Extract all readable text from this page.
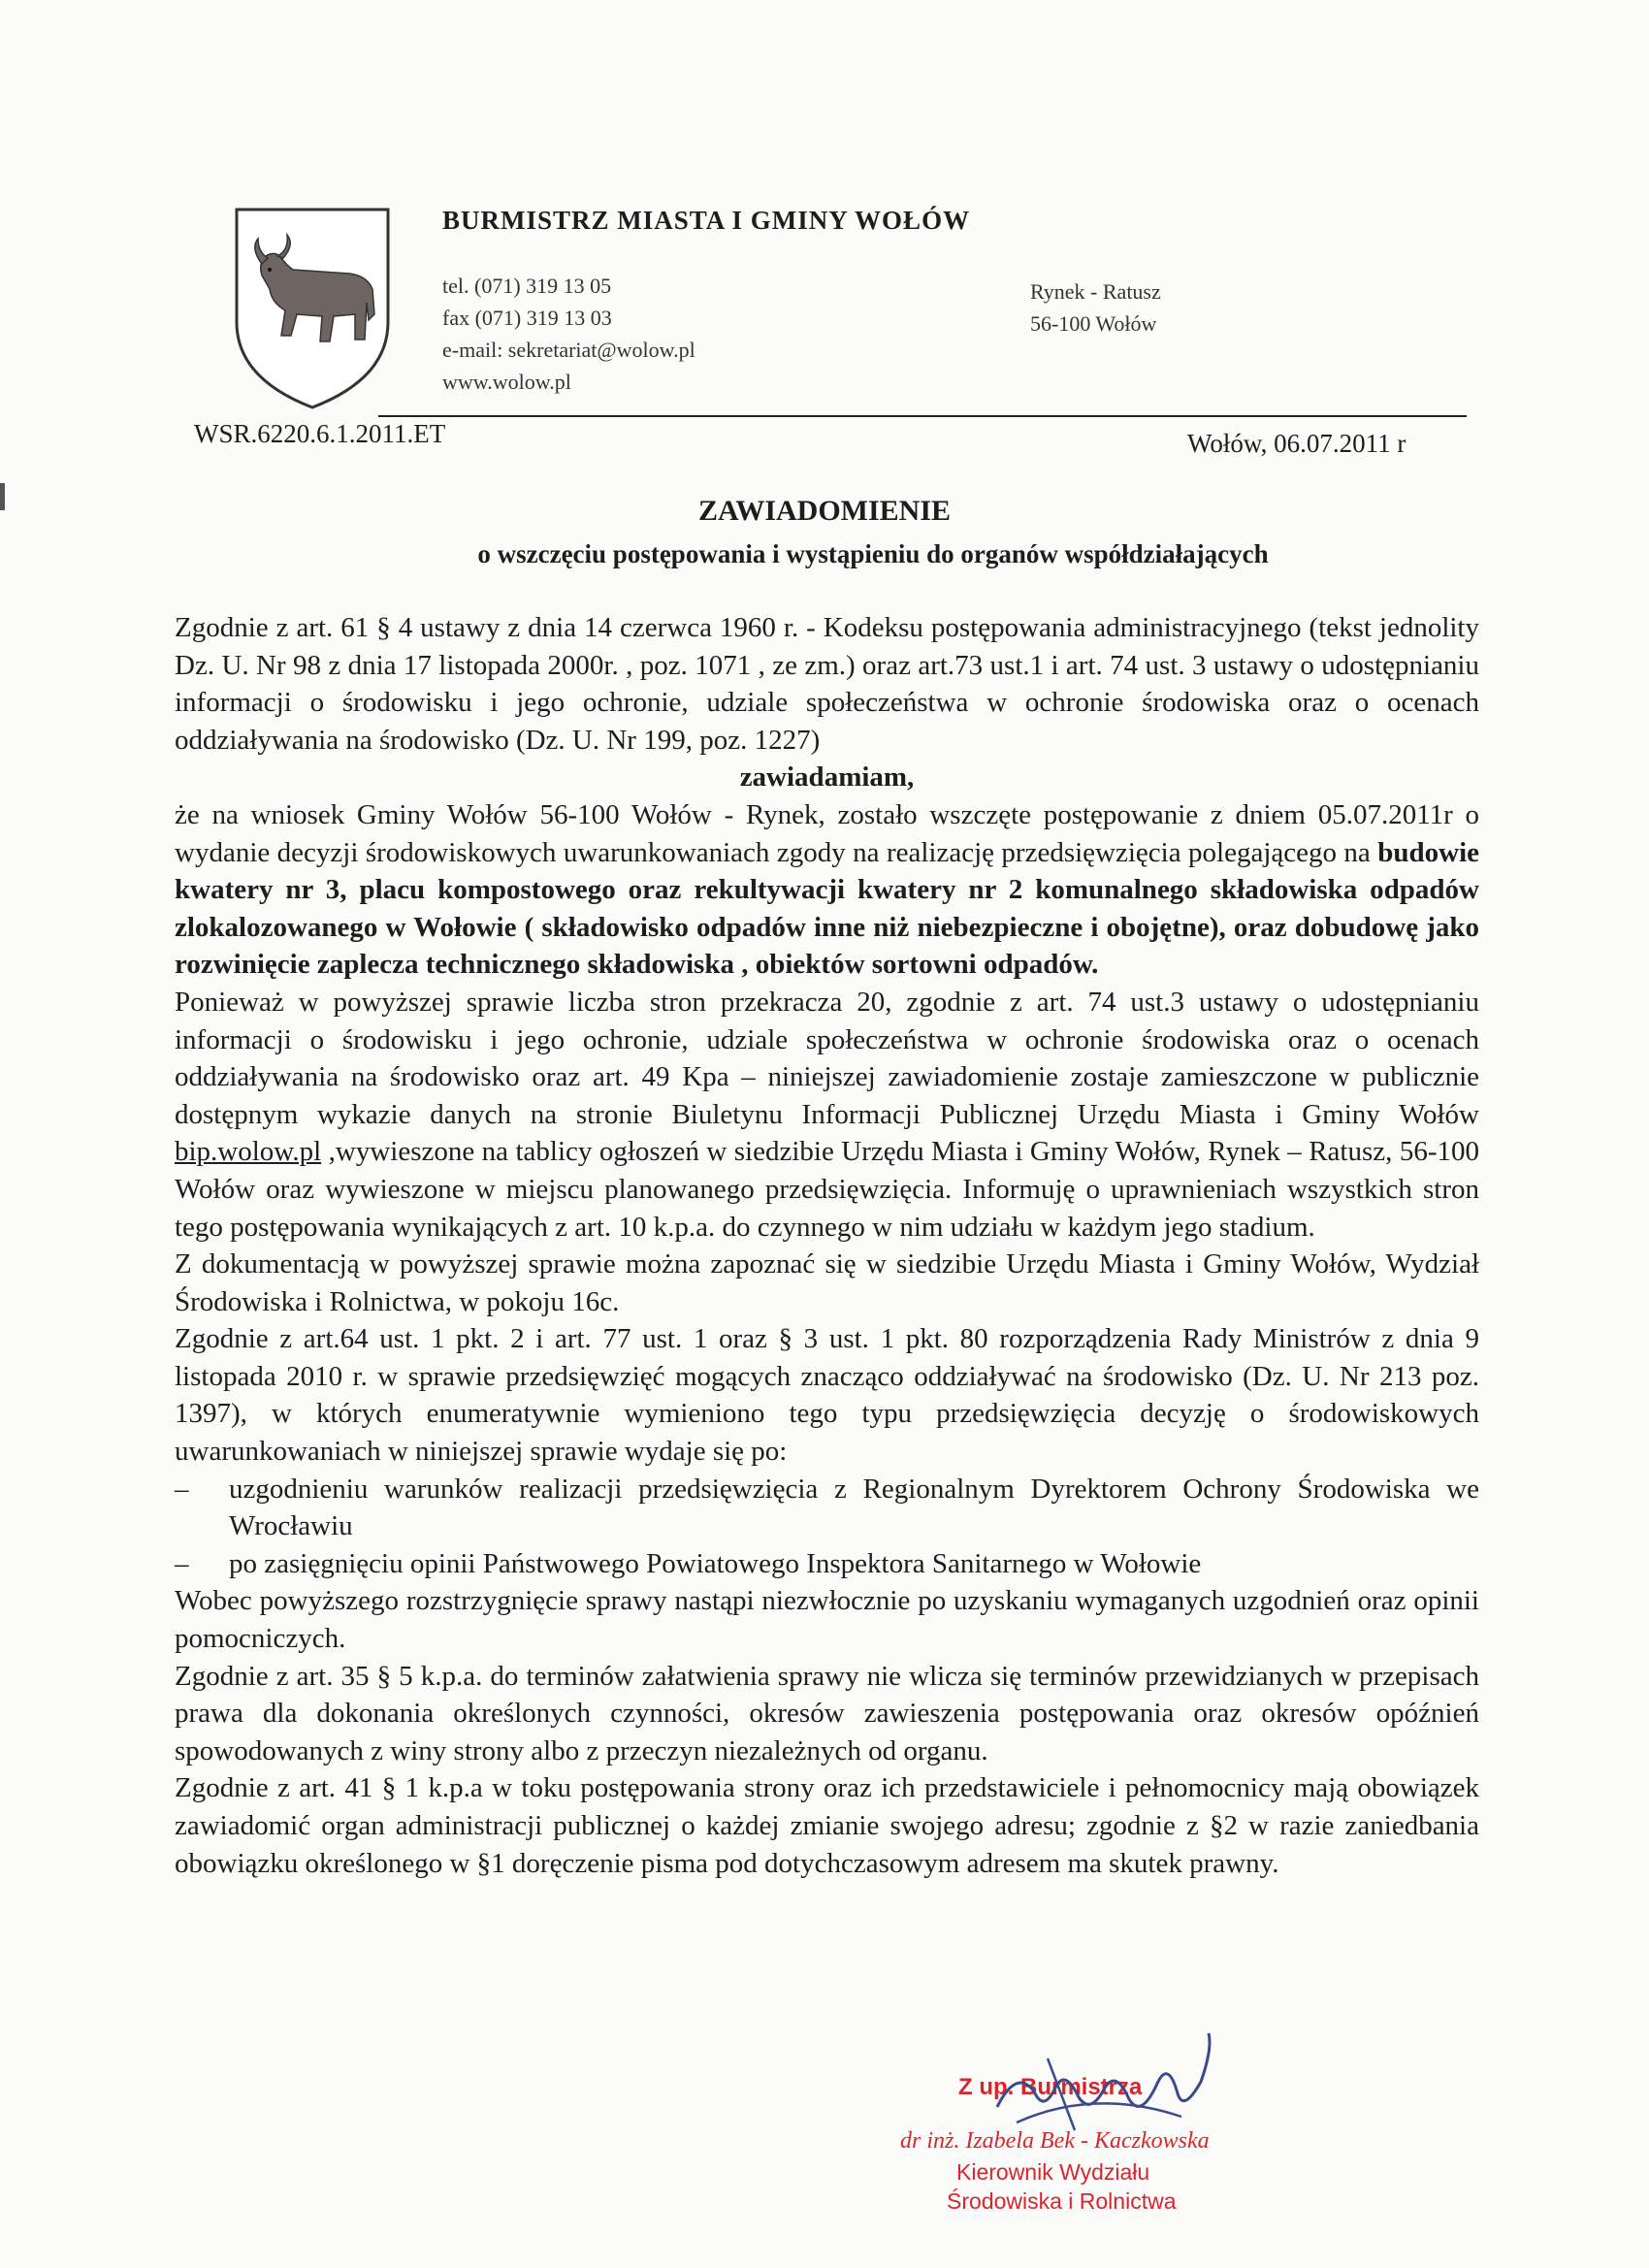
BURMISTRZ MIASTA I GMINY WOŁÓW
tel. (071) 319 13 05
fax (071) 319 13 03
e-mail: sekretariat@wolow.pl
www.wolow.pl
Rynek - Ratusz
56-100 Wołów
WSR.6220.6.1.2011.ET	Wołów, 06.07.2011 r
ZAWIADOMIENIE
o wszczęciu postępowania i wystąpieniu do organów współdziałających

Zgodnie z art. 61 § 4 ustawy z dnia 14 czerwca 1960 r. - Kodeksu postępowania administracyjnego (tekst jednolity Dz. U. Nr 98 z dnia 17 listopada 2000r. , poz. 1071 , ze zm.) oraz art.73 ust.1 i art. 74 ust. 3 ustawy o udostępnianiu informacji o środowisku i jego ochronie, udziale społeczeństwa w ochronie środowiska oraz o ocenach oddziaływania na środowisko (Dz. U. Nr 199, poz. 1227)

zawiadamiam,

że na wniosek Gminy Wołów 56-100 Wołów - Rynek, zostało wszczęte postępowanie z dniem 05.07.2011r o wydanie decyzji środowiskowych uwarunkowaniach zgody na realizację przedsięwzięcia polegającego na budowie kwatery nr 3, placu kompostowego oraz rekultywacji kwatery nr 2 komunalnego składowiska odpadów zlokalozowanego w Wołowie ( składowisko odpadów inne niż niebezpieczne i obojętne), oraz dobudowę jako rozwinięcie zaplecza technicznego składowiska , obiektów sortowni odpadów.

Ponieważ w powyższej sprawie liczba stron przekracza 20, zgodnie z art. 74 ust.3 ustawy o udostępnianiu informacji o środowisku i jego ochronie, udziale społeczeństwa w ochronie środowiska oraz o ocenach oddziaływania na środowisko oraz art. 49 Kpa – niniejszej zawiadomienie zostaje zamieszczone w publicznie dostępnym wykazie danych na stronie Biuletynu Informacji Publicznej Urzędu Miasta i Gminy Wołów bip.wolow.pl ,wywieszone na tablicy ogłoszeń w siedzibie Urzędu Miasta i Gminy Wołów, Rynek – Ratusz, 56-100 Wołów oraz wywieszone w miejscu planowanego przedsięwzięcia. Informuję o uprawnieniach wszystkich stron tego postępowania wynikających z art. 10 k.p.a. do czynnego w nim udziału w każdym jego stadium.

Z dokumentacją w powyższej sprawie można zapoznać się w siedzibie Urzędu Miasta i Gminy Wołów, Wydział Środowiska i Rolnictwa, w pokoju 16c.

Zgodnie z art.64 ust. 1 pkt. 2 i art. 77 ust. 1 oraz § 3 ust. 1 pkt. 80 rozporządzenia Rady Ministrów z dnia 9 listopada 2010 r. w sprawie przedsięwzięć mogących znacząco oddziaływać na środowisko (Dz. U. Nr 213 poz. 1397), w których enumeratywnie wymieniono tego typu przedsięwzięcia decyzję o środowiskowych uwarunkowaniach w niniejszej sprawie wydaje się po:

– uzgodnieniu warunków realizacji przedsięwzięcia z Regionalnym Dyrektorem Ochrony Środowiska we Wrocławiu
– po zasięgnięciu opinii Państwowego Powiatowego Inspektora Sanitarnego w Wołowie

Wobec powyższego rozstrzygnięcie sprawy nastąpi niezwłocznie po uzyskaniu wymaganych uzgodnień oraz opinii pomocniczych.

Zgodnie z art. 35 § 5 k.p.a. do terminów załatwienia sprawy nie wlicza się terminów przewidzianych w przepisach prawa dla dokonania określonych czynności, okresów zawieszenia postępowania oraz okresów opóźnień spowodowanych z winy strony albo z przeczyn niezależnych od organu.

Zgodnie z art. 41 § 1 k.p.a w toku postępowania strony oraz ich przedstawiciele i pełnomocnicy mają obowiązek zawiadomić organ administracji publicznej o każdej zmianie swojego adresu; zgodnie z §2 w razie zaniedbania obowiązku określonego w §1 doręczenie pisma pod dotychczasowym adresem ma skutek prawny.

Z up. Burmistrza
dr inż. Izabela Bek - Kaczkowska
Kierownik Wydziału
Środowiska i Rolnictwa
